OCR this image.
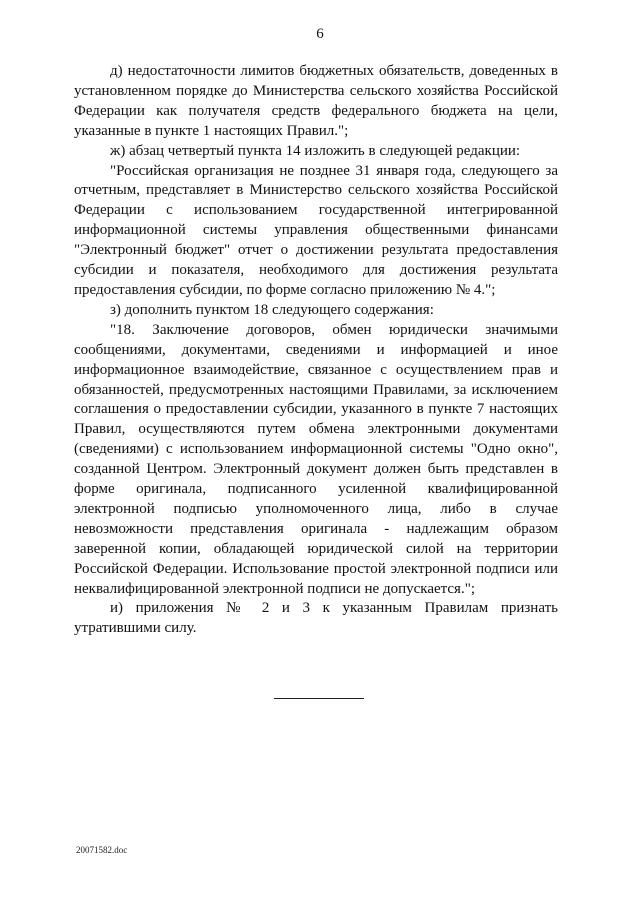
6

д) недостаточности лимитов бюджетных обязательств, доведенных в установленном порядке до Министерства сельского хозяйства Российской Федерации как получателя средств федерального бюджета на цели, указанные в пункте 1 настоящих Правил.";

ж) абзац четвертый пункта 14 изложить в следующей редакции:

"Российская организация не позднее 31 января года, следующего за отчетным, представляет в Министерство сельского хозяйства Российской Федерации с использованием государственной интегрированной информационной системы управления общественными финансами "Электронный бюджет" отчет о достижении результата предоставления субсидии и показателя, необходимого для достижения результата предоставления субсидии, по форме согласно приложению № 4.";

з) дополнить пунктом 18 следующего содержания:

"18. Заключение договоров, обмен юридически значимыми сообщениями, документами, сведениями и информацией и иное информационное взаимодействие, связанное с осуществлением прав и обязанностей, предусмотренных настоящими Правилами, за исключением соглашения о предоставлении субсидии, указанного в пункте 7 настоящих Правил, осуществляются путем обмена электронными документами (сведениями) с использованием информационной системы "Одно окно", созданной Центром. Электронный документ должен быть представлен в форме оригинала, подписанного усиленной квалифицированной электронной подписью уполномоченного лица, либо в случае невозможности представления оригинала - надлежащим образом заверенной копии, обладающей юридической силой на территории Российской Федерации. Использование простой электронной подписи или неквалифицированной электронной подписи не допускается.";

и) приложения № 2 и 3 к указанным Правилам признать утратившими силу.

20071582.doc
